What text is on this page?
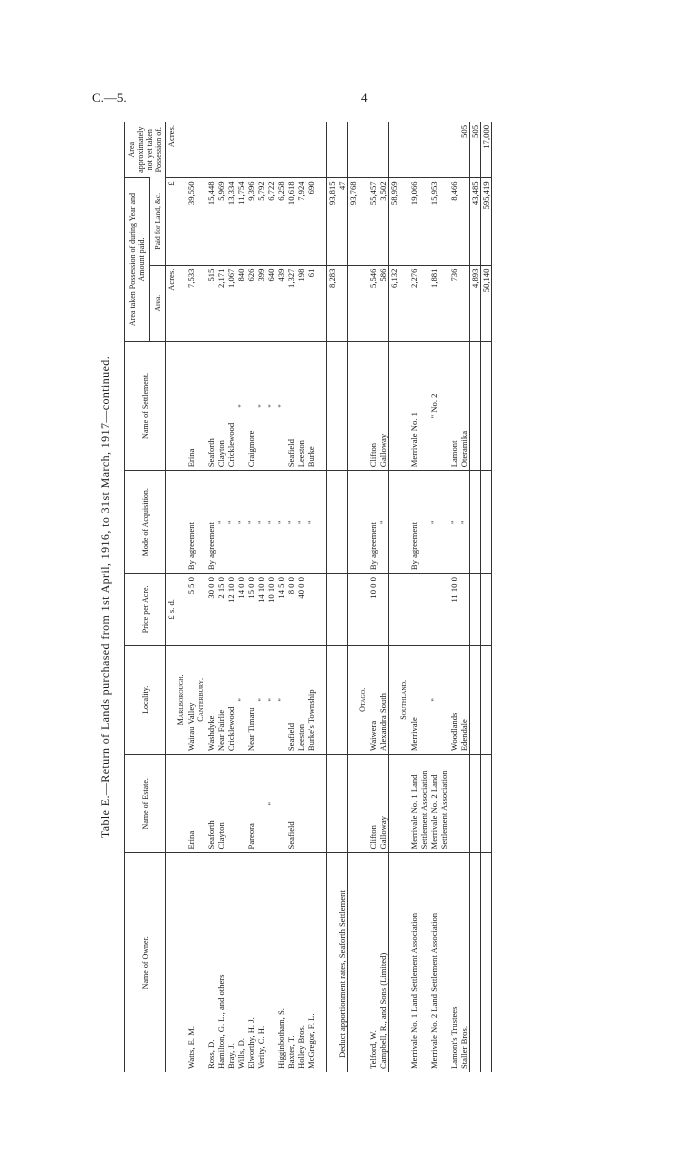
C.—5.	4
Table E.—Return of Lands purchased from 1st April, 1916, to 31st March, 1917—continued.
Name of Owner.	Name of Estate.	Locality.	Price per Acre.	Mode of Acquisition.	Name of Settlement.	Area taken Possession of during Year and Amount paid.		Area approximately not yet taken Possession of.
						Area.	Paid for Land, &c.	
			£ s. d.			Acres.	£	Acres.
		Marlborough.						
Watts, E. M.	Erina	Wairau Valley	5 5 0	By agreement	Erina	7,533	39,550	
		Canterbury.						
Ross, D.	Seaforth	Washdyke	30 0 0	By agreement	Seaforth	515	15,448	
Hamilton, G. L., and others	Clayton	Near Fairlie	2 15 0	"	Clayton	2,171	5,969	
Bray, J.		Cricklewood	12 10 0	"	Cricklewood	1,067	13,334	
Wills, D.		"	14 0 0	"	"	840	11,754	
Elworthy, H. J.	Pareora	Near Timaru	15 0 0	"	Craigmore	626	9,396	
Verity, C. H.		"	14 10 0	"	"	399	5,792	
	"	"	10 10 0	"	"	640	6,722	
Higginbotham, S.		"	14 5 0	"	"	439	6,258	
Baxter, T.	Seafield	Seafield	8 0 0	"	Seafield	1,327	10,618	
Holley Bros.		Leeston	40 0 0	"	Leeston	198	7,924	
McGregor, F. L.		Burke's Township		"	Burke	61	690	

						8,283	93,815	
Deduct apportionment rates, Seaforth Settlement							47	
							93,768	
		Otago.						
Telford, W.	Clifton	Waiwera	10 0 0	By agreement	Clifton	5,546	55,457	
Campbell, R., and Sons (Limited)	Galloway	Alexandra South		"	Galloway	586	3,502	
						6,132	58,959	
		Southland.						
Merrivale No. 1 Land Settlement Association	Merrivale No. 1 Land Settlement Association	Merrivale		By agreement	Merrivale No. 1	2,276	19,066	
Merrivale No. 2 Land Settlement Association	Merrivale No. 2 Land Settlement Association	"		"	" No. 2	1,881	15,953	
Lamont's Trustees		Woodlands	11 10 0	"	Lamont	736	8,466	
Staller Bros.		Edendale		"	Oteramika			505
						4,893	43,485	505
						50,140	595,419	17,000
